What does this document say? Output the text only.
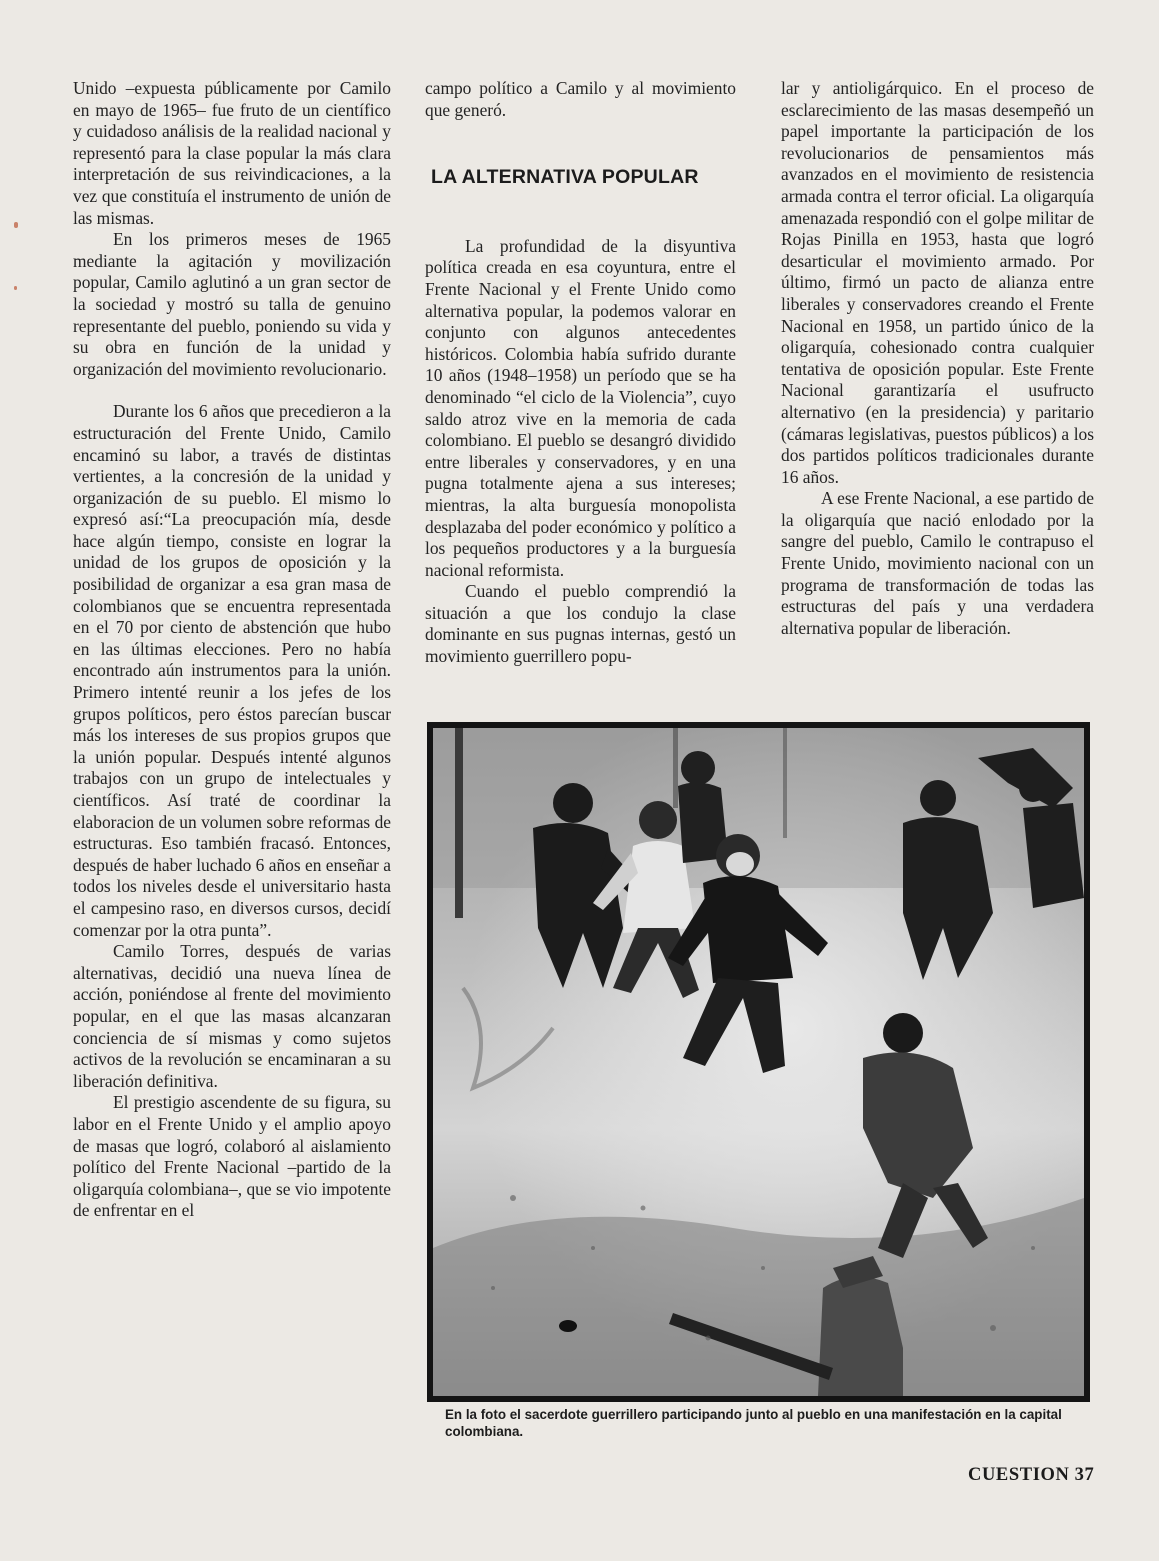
Unido –expuesta públicamente por Camilo en mayo de 1965– fue fruto de un científico y cuidadoso análisis de la realidad nacional y representó para la clase popular la más clara interpretación de sus reivindicaciones, a la vez que constituía el instrumento de unión de las mismas.

En los primeros meses de 1965 mediante la agitación y movilización popular, Camilo aglutinó a un gran sector de la sociedad y mostró su talla de genuino representante del pueblo, poniendo su vida y su obra en función de la unidad y organización del movimiento revolucionario.

Durante los 6 años que precedieron a la estructuración del Frente Unido, Camilo encaminó su labor, a través de distintas vertientes, a la concresión de la unidad y organización de su pueblo. El mismo lo expresó así:“La preocupación mía, desde hace algún tiempo, consiste en lograr la unidad de los grupos de oposición y la posibilidad de organizar a esa gran masa de colombianos que se encuentra representada en el 70 por ciento de abstención que hubo en las últimas elecciones. Pero no había encontrado aún instrumentos para la unión. Primero intenté reunir a los jefes de los grupos políticos, pero éstos parecían buscar más los intereses de sus propios grupos que la unión popular. Después intenté algunos trabajos con un grupo de intelectuales y científicos. Así traté de coordinar la elaboracion de un volumen sobre reformas de estructuras. Eso también fracasó. Entonces, después de haber luchado 6 años en enseñar a todos los niveles desde el universitario hasta el campesino raso, en diversos cursos, decidí comenzar por la otra punta”.

Camilo Torres, después de varias alternativas, decidió una nueva línea de acción, poniéndose al frente del movimiento popular, en el que las masas alcanzaran conciencia de sí mismas y como sujetos activos de la revolución se encaminaran a su liberación definitiva.

El prestigio ascendente de su figura, su labor en el Frente Unido y el amplio apoyo de masas que logró, colaboró al aislamiento político del Frente Nacional –partido de la oligarquía colombiana–, que se vio impotente de enfrentar en el

campo político a Camilo y al movimiento que generó.

LA ALTERNATIVA POPULAR

La profundidad de la disyuntiva política creada en esa coyuntura, entre el Frente Nacional y el Frente Unido como alternativa popular, la podemos valorar en conjunto con algunos antecedentes históricos. Colombia había sufrido durante 10 años (1948–1958) un período que se ha denominado “el ciclo de la Violencia”, cuyo saldo atroz vive en la memoria de cada colombiano. El pueblo se desangró dividido entre liberales y conservadores, y en una pugna totalmente ajena a sus intereses; mientras, la alta burguesía monopolista desplazaba del poder económico y político a los pequeños productores y a la burguesía nacional reformista.

Cuando el pueblo comprendió la situación a que los condujo la clase dominante en sus pugnas internas, gestó un movimiento guerrillero popu-

lar y antioligárquico. En el proceso de esclarecimiento de las masas desempeñó un papel importante la participación de los revolucionarios de pensamientos más avanzados en el movimiento de resistencia armada contra el terror oficial. La oligarquía amenazada respondió con el golpe militar de Rojas Pinilla en 1953, hasta que logró desarticular el movimiento armado. Por último, firmó un pacto de alianza entre liberales y conservadores creando el Frente Nacional en 1958, un partido único de la oligarquía, cohesionado contra cualquier tentativa de oposición popular. Este Frente Nacional garantizaría el usufructo alternativo (en la presidencia) y paritario (cámaras legislativas, puestos públicos) a los dos partidos políticos tradicionales durante 16 años.

A ese Frente Nacional, a ese partido de la oligarquía que nació enlodado por la sangre del pueblo, Camilo le contrapuso el Frente Unido, movimiento nacional con un programa de transformación de todas las estructuras del país y una verdadera alternativa popular de liberación.

En la foto el sacerdote guerrillero participando junto al pueblo en una manifestación en la capital colombiana.
CUESTION 37
